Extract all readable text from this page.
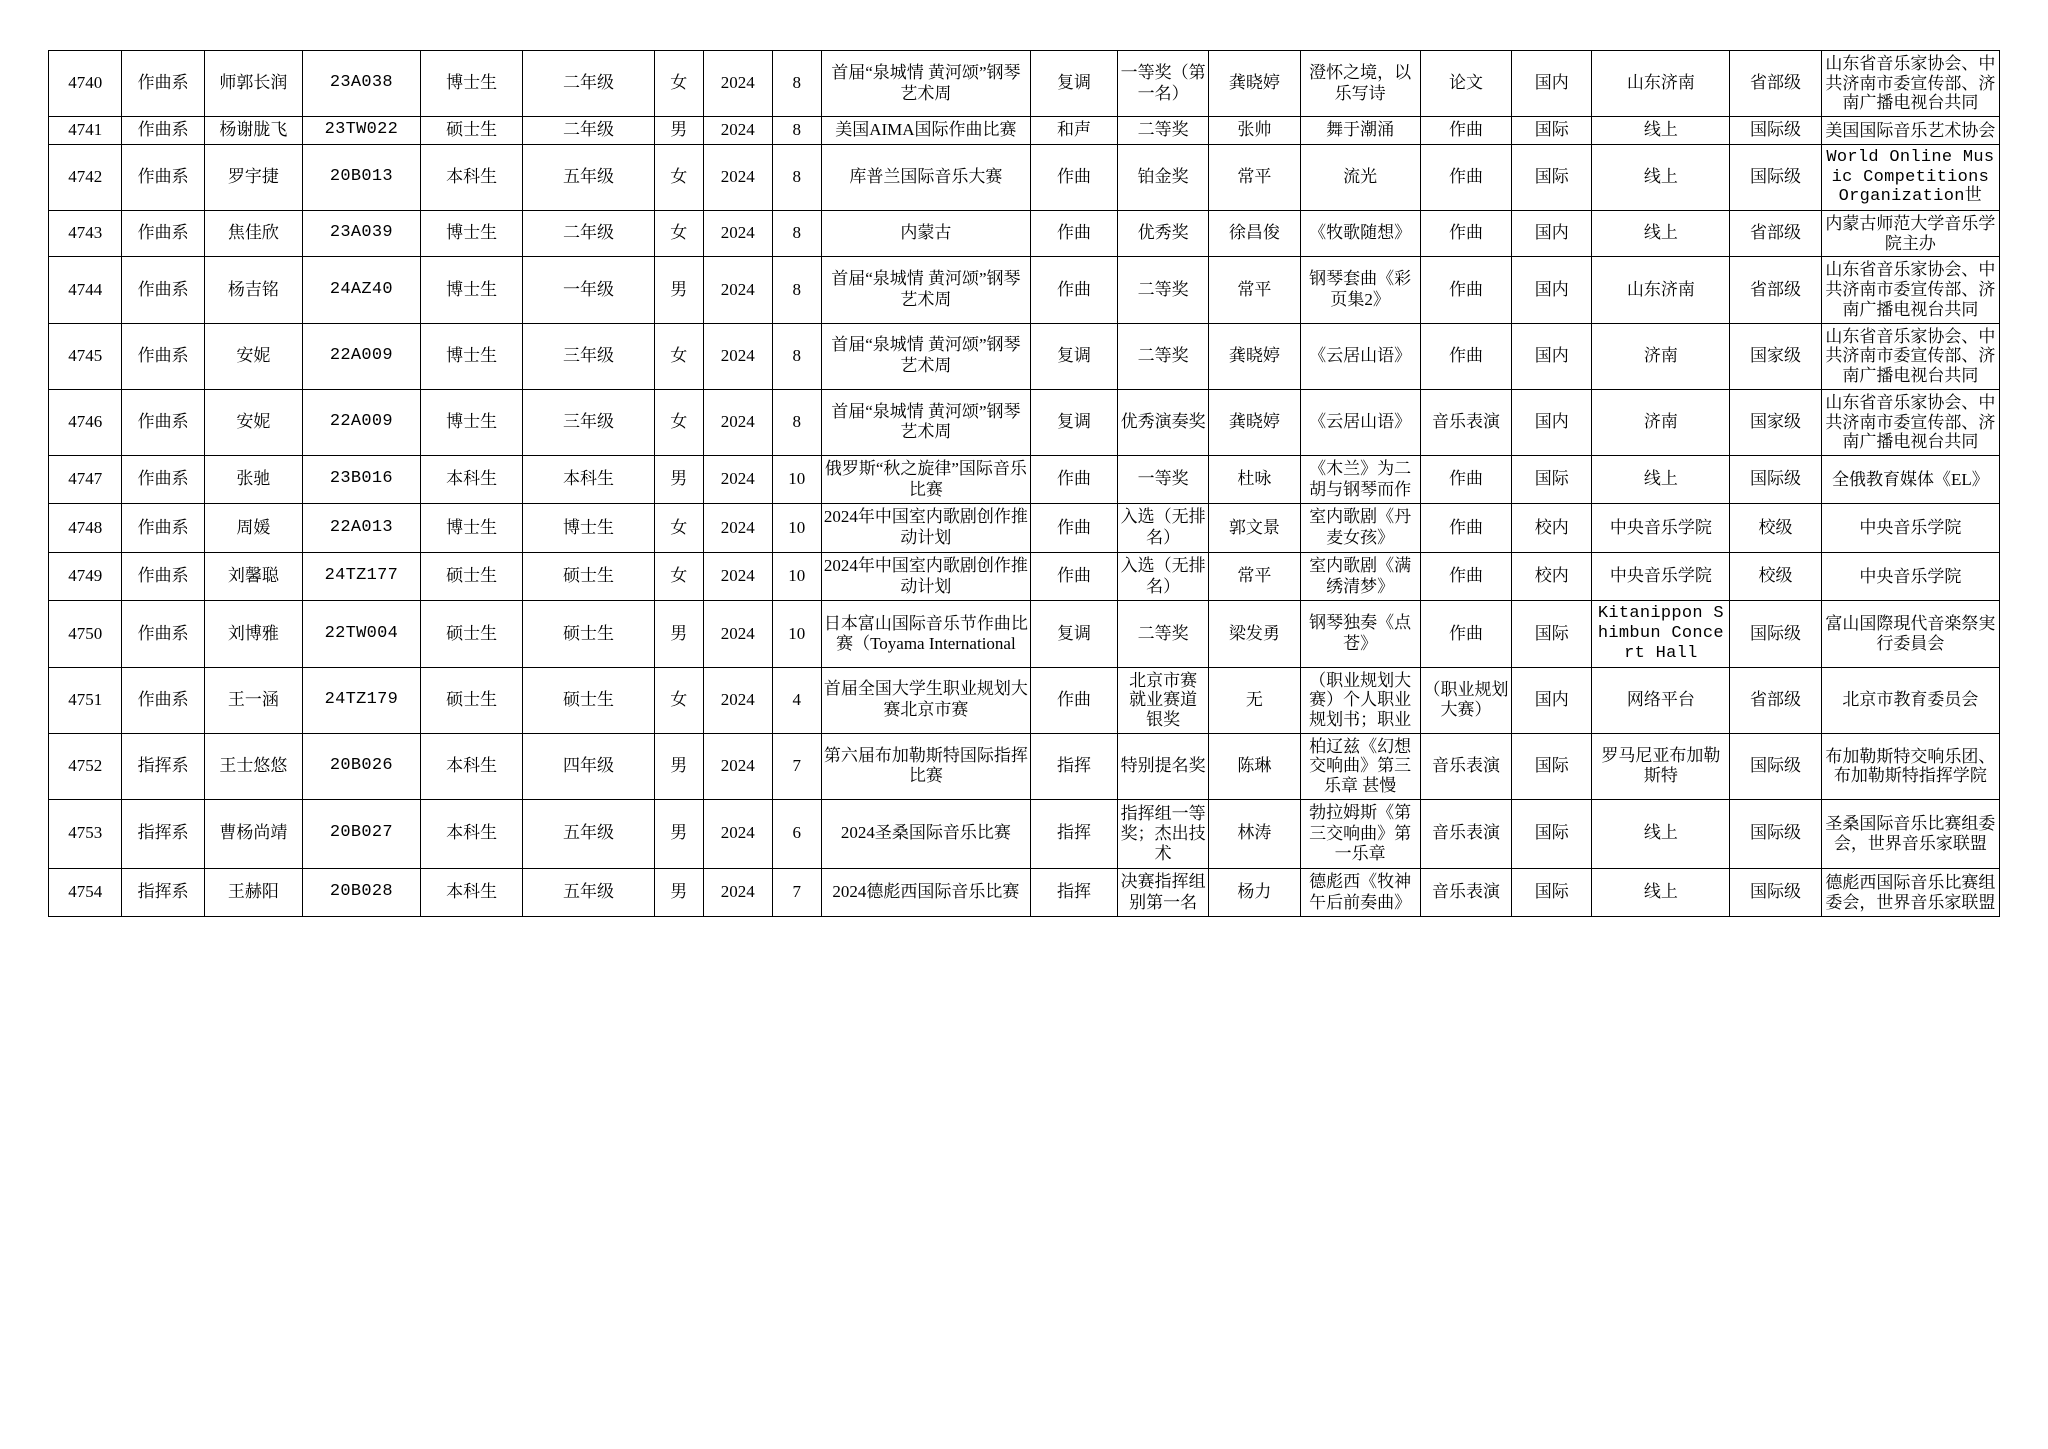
4740	作曲系	师郭长润	23A038	博士生	二年级	女	2024	8	首届“泉城情 黄河颂”钢琴艺术周	复调	一等奖（第一名）	龚晓婷	澄怀之境，以乐写诗	论文	国内	山东济南	省部级	山东省音乐家协会、中共济南市委宣传部、济南广播电视台共同

4741	作曲系	杨谢胧飞	23TW022	硕士生	二年级	男	2024	8	美国AIMA国际作曲比赛	和声	二等奖	张帅	舞于潮涌	作曲	国际	线上	国际级	美国国际音乐艺术协会

4742	作曲系	罗宇捷	20B013	本科生	五年级	女	2024	8	库普兰国际音乐大赛	作曲	铂金奖	常平	流光	作曲	国际	线上	国际级	World Online Music Competitions Organization世

4743	作曲系	焦佳欣	23A039	博士生	二年级	女	2024	8	内蒙古	作曲	优秀奖	徐昌俊	《牧歌随想》	作曲	国内	线上	省部级	内蒙古师范大学音乐学院主办

4744	作曲系	杨吉铭	24AZ40	博士生	一年级	男	2024	8	首届“泉城情 黄河颂”钢琴艺术周	作曲	二等奖	常平	钢琴套曲《彩页集2》	作曲	国内	山东济南	省部级	山东省音乐家协会、中共济南市委宣传部、济南广播电视台共同

4745	作曲系	安妮	22A009	博士生	三年级	女	2024	8	首届“泉城情 黄河颂”钢琴艺术周	复调	二等奖	龚晓婷	《云居山语》	作曲	国内	济南	国家级	山东省音乐家协会、中共济南市委宣传部、济南广播电视台共同

4746	作曲系	安妮	22A009	博士生	三年级	女	2024	8	首届“泉城情 黄河颂”钢琴艺术周	复调	优秀演奏奖	龚晓婷	《云居山语》	音乐表演	国内	济南	国家级	山东省音乐家协会、中共济南市委宣传部、济南广播电视台共同

4747	作曲系	张驰	23B016	本科生	本科生	男	2024	10	俄罗斯“秋之旋律”国际音乐比赛	作曲	一等奖	杜咏	《木兰》为二胡与钢琴而作	作曲	国际	线上	国际级	全俄教育媒体《EL》

4748	作曲系	周媛	22A013	博士生	博士生	女	2024	10	2024年中国室内歌剧创作推动计划	作曲	入选（无排名）	郭文景	室内歌剧《丹麦女孩》	作曲	校内	中央音乐学院	校级	中央音乐学院

4749	作曲系	刘馨聪	24TZ177	硕士生	硕士生	女	2024	10	2024年中国室内歌剧创作推动计划	作曲	入选（无排名）	常平	室内歌剧《满绣清梦》	作曲	校内	中央音乐学院	校级	中央音乐学院

4750	作曲系	刘博雅	22TW004	硕士生	硕士生	男	2024	10	日本富山国际音乐节作曲比赛（Toyama International	复调	二等奖	梁发勇	钢琴独奏《点苍》	作曲	国际	Kitanippon Shimbun Concert Hall	国际级	富山国際現代音楽祭実行委員会

4751	作曲系	王一涵	24TZ179	硕士生	硕士生	女	2024	4	首届全国大学生职业规划大赛北京市赛	作曲	北京市赛 就业赛道 银奖	无	（职业规划大赛）个人职业规划书；职业	（职业规划大赛）	国内	网络平台	省部级	北京市教育委员会

4752	指挥系	王士悠悠	20B026	本科生	四年级	男	2024	7	第六届布加勒斯特国际指挥比赛	指挥	特别提名奖	陈琳	柏辽兹《幻想交响曲》第三乐章 甚慢	音乐表演	国际	罗马尼亚布加勒斯特	国际级	布加勒斯特交响乐团、布加勒斯特指挥学院

4753	指挥系	曹杨尚靖	20B027	本科生	五年级	男	2024	6	2024圣桑国际音乐比赛	指挥	指挥组一等奖；杰出技术	林涛	勃拉姆斯《第三交响曲》第一乐章	音乐表演	国际	线上	国际级	圣桑国际音乐比赛组委会，世界音乐家联盟

4754	指挥系	王赫阳	20B028	本科生	五年级	男	2024	7	2024德彪西国际音乐比赛	指挥	决赛指挥组别第一名	杨力	德彪西《牧神午后前奏曲》	音乐表演	国际	线上	国际级	德彪西国际音乐比赛组委会，世界音乐家联盟
